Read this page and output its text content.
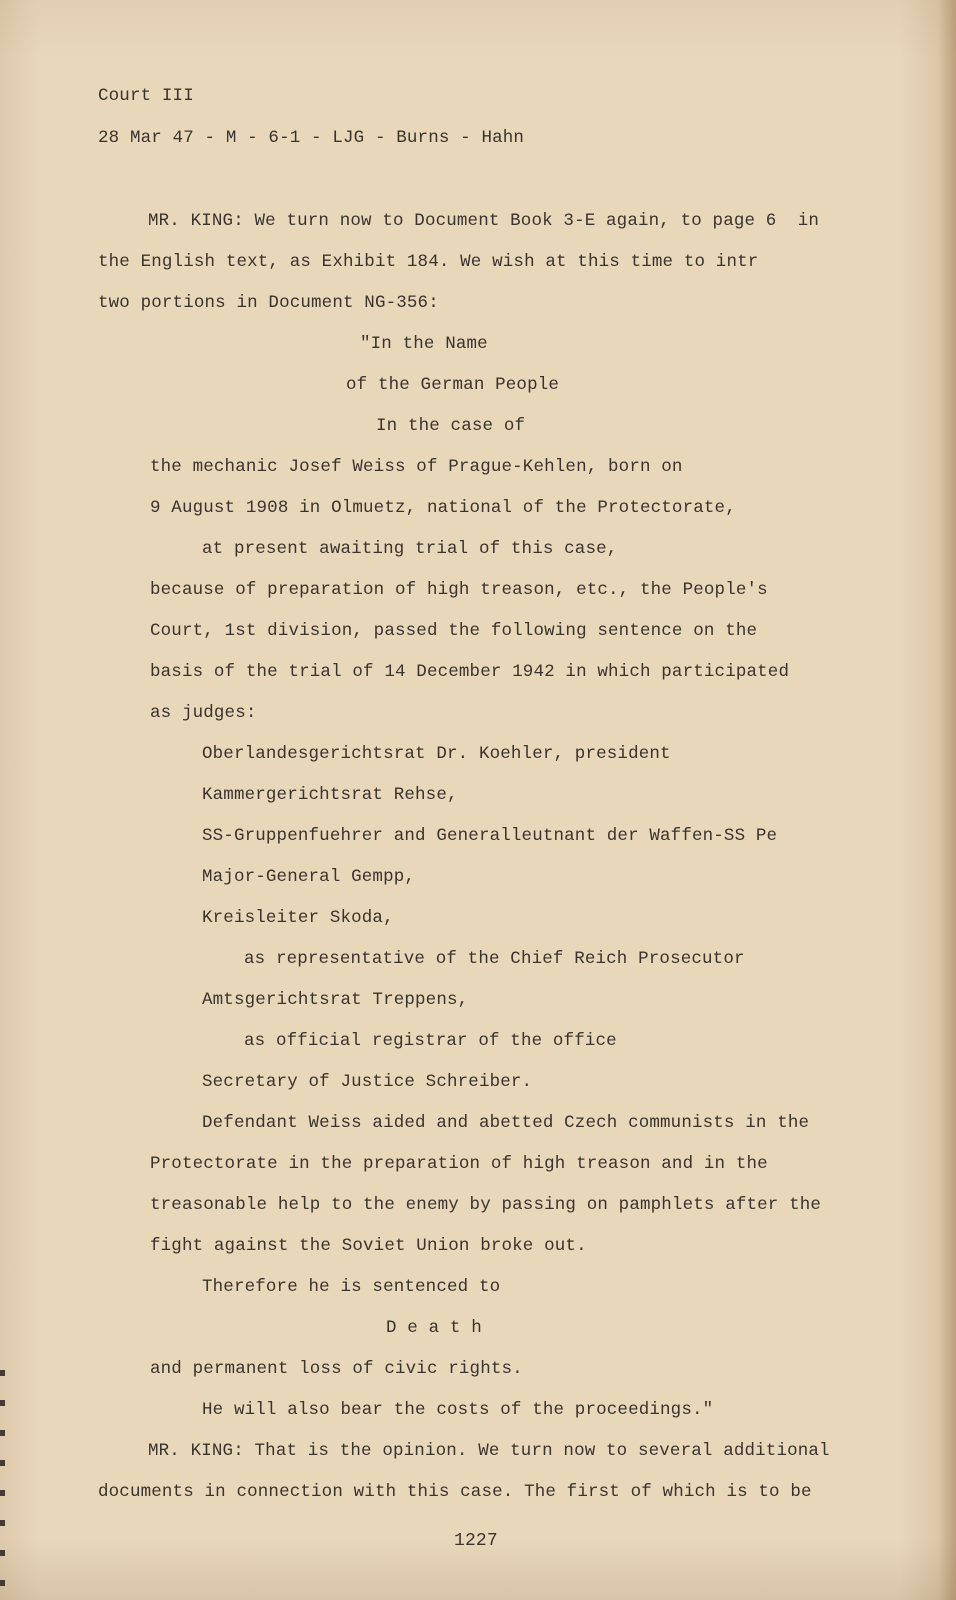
Court III
28 Mar 47 - M - 6-1 - LJG - Burns - Hahn
MR. KING: We turn now to Document Book 3-E again, to page 6  in
the English text, as Exhibit 184. We wish at this time to intr
two portions in Document NG-356:
"In the Name
of the German People
In the case of
the mechanic Josef Weiss of Prague-Kehlen, born on
9 August 1908 in Olmuetz, national of the Protectorate,
at present awaiting trial of this case,
because of preparation of high treason, etc., the People's
Court, 1st division, passed the following sentence on the
basis of the trial of 14 December 1942 in which participated
as judges:
Oberlandesgerichtsrat Dr. Koehler, president
Kammergerichtsrat Rehse,
SS-Gruppenfuehrer and Generalleutnant der Waffen-SS Pe
Major-General Gempp,
Kreisleiter Skoda,
as representative of the Chief Reich Prosecutor
Amtsgerichtsrat Treppens,
as official registrar of the office
Secretary of Justice Schreiber.
Defendant Weiss aided and abetted Czech communists in the
Protectorate in the preparation of high treason and in the
treasonable help to the enemy by passing on pamphlets after the
fight against the Soviet Union broke out.
Therefore he is sentenced to
D e a t h
and permanent loss of civic rights.
He will also bear the costs of the proceedings."
MR. KING: That is the opinion. We turn now to several additional
documents in connection with this case. The first of which is to be
1227
